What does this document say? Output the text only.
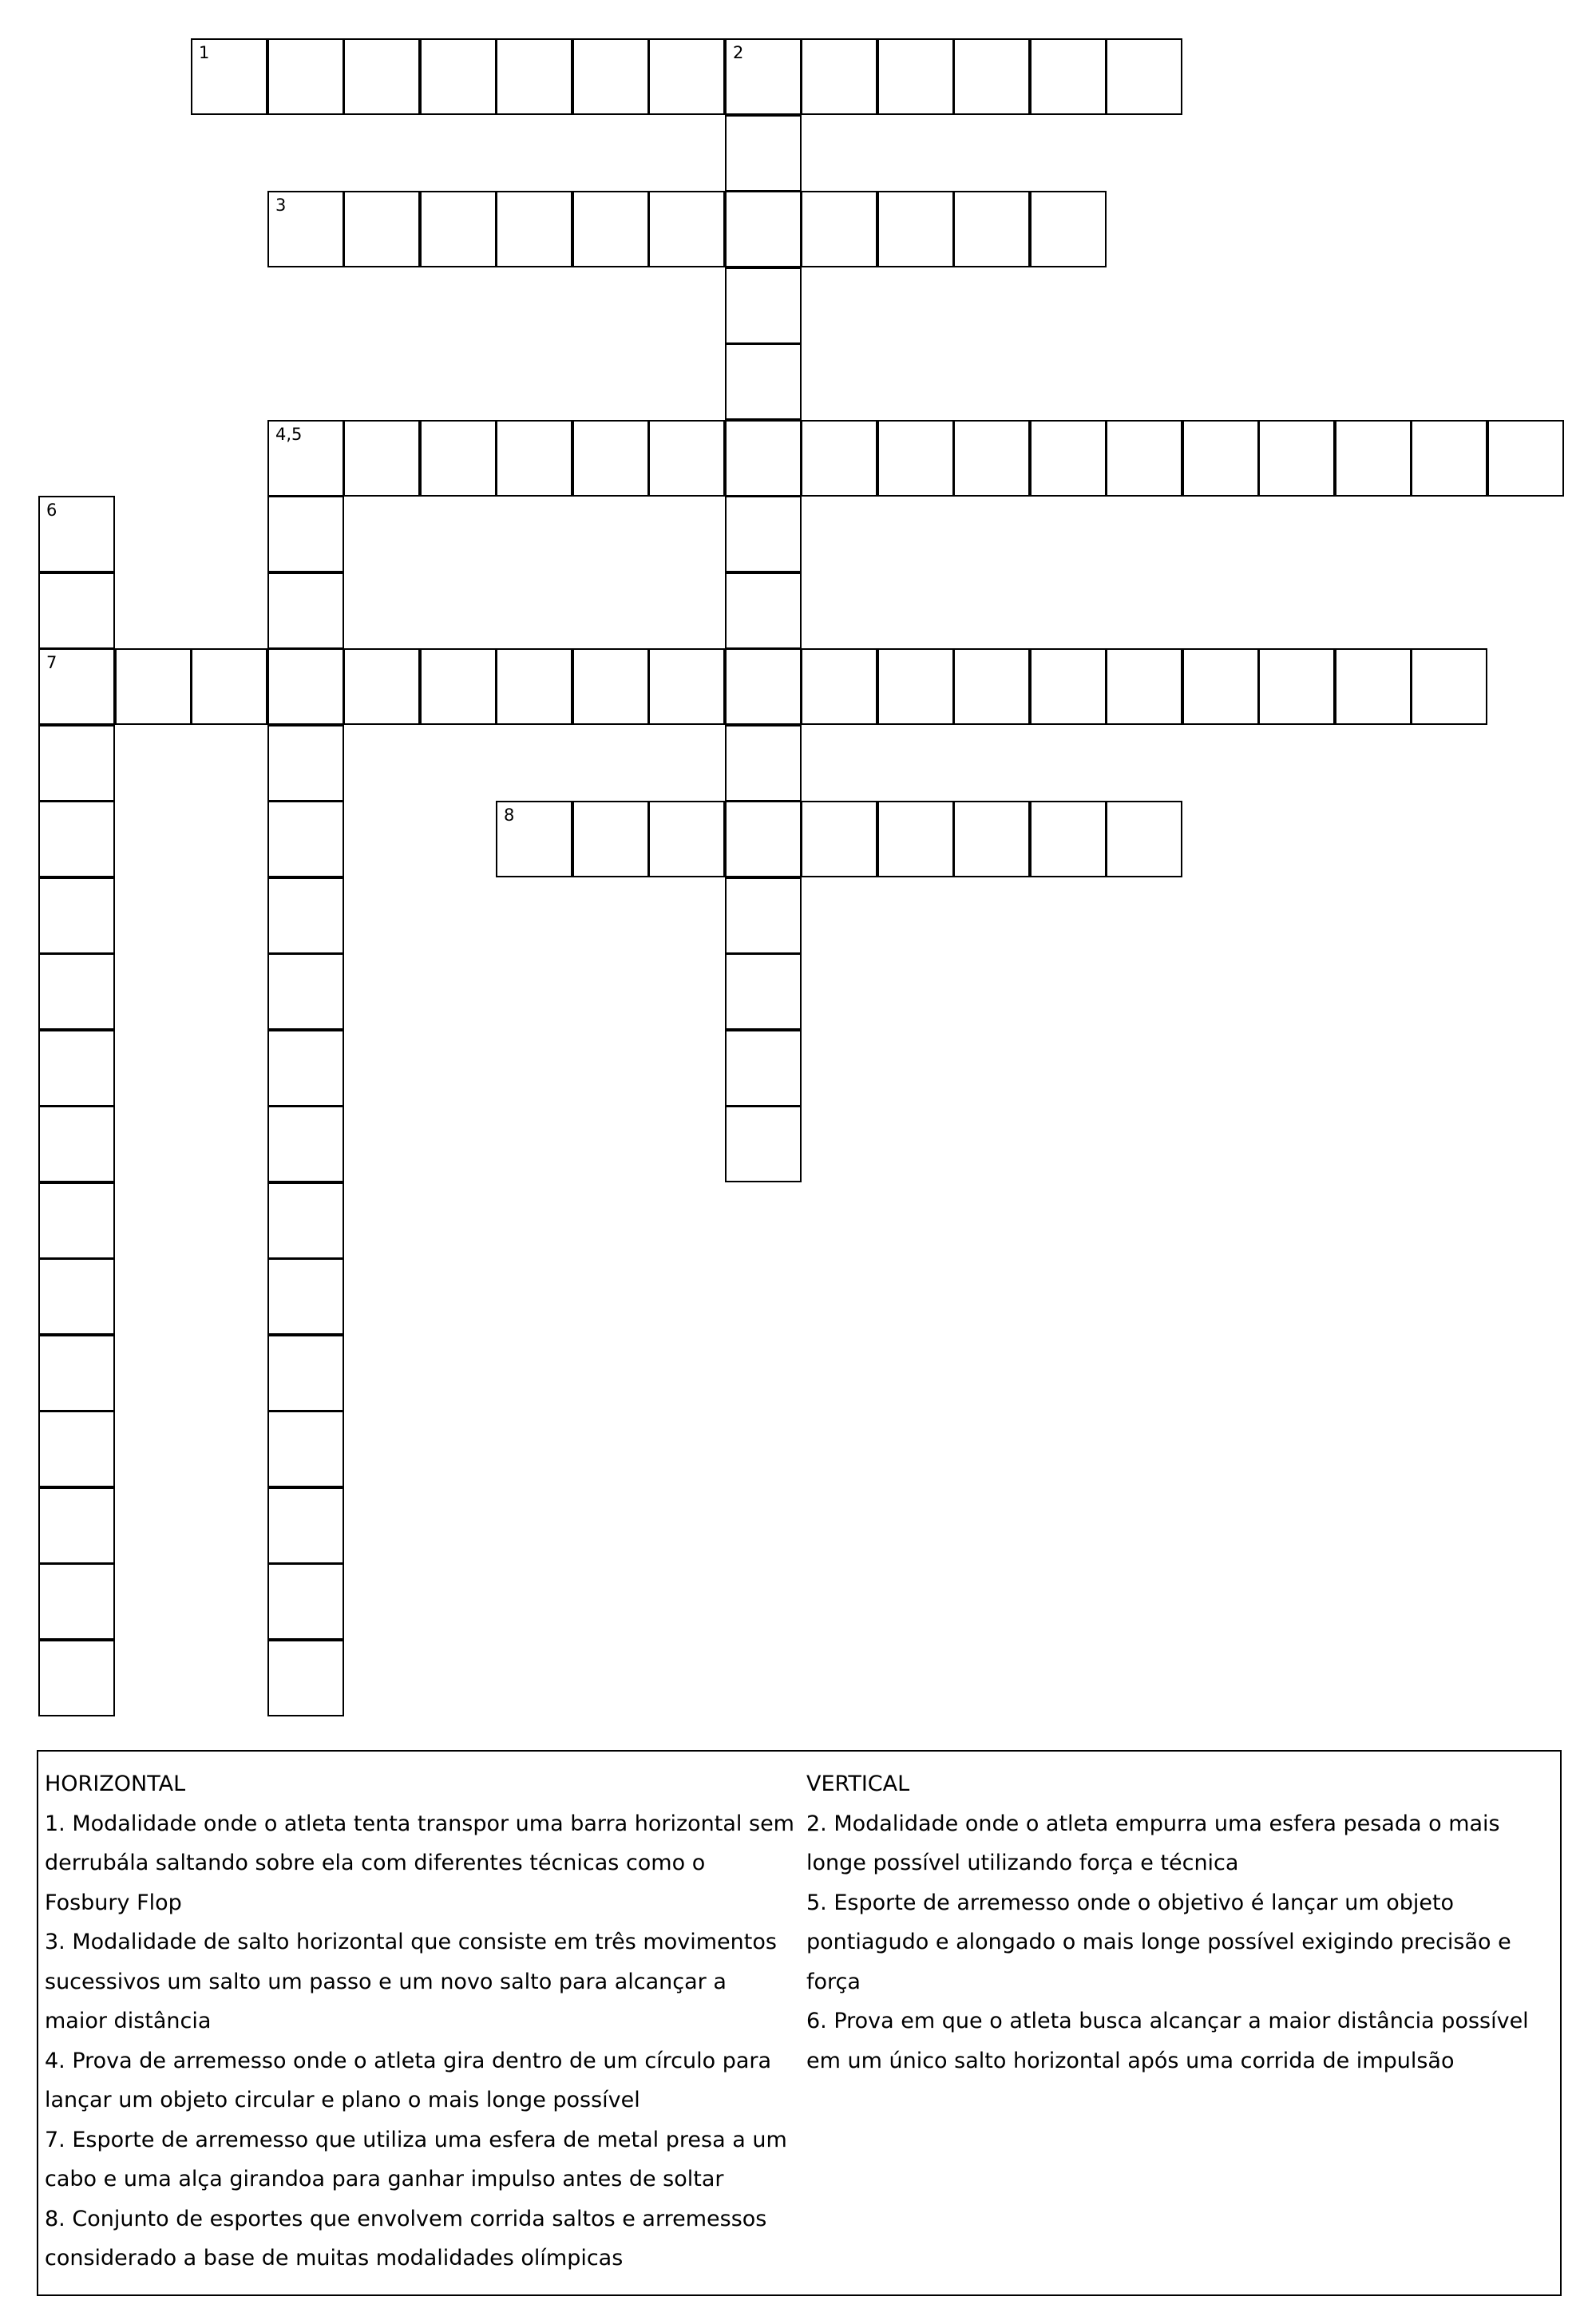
1	2
3
4,5
7
8
6
HORIZONTAL
1. Modalidade onde o atleta tenta transpor uma barra horizontal sem derrubála saltando sobre ela com diferentes técnicas como o Fosbury Flop
3. Modalidade de salto horizontal que consiste em três movimentos sucessivos um salto um passo e um novo salto para alcançar a maior distância
4. Prova de arremesso onde o atleta gira dentro de um círculo para lançar um objeto circular e plano o mais longe possível
7. Esporte de arremesso que utiliza uma esfera de metal presa a um cabo e uma alça girandoa para ganhar impulso antes de soltar
8. Conjunto de esportes que envolvem corrida saltos e arremessos considerado a base de muitas modalidades olímpicas
VERTICAL
2. Modalidade onde o atleta empurra uma esfera pesada o mais longe possível utilizando força e técnica
5. Esporte de arremesso onde o objetivo é lançar um objeto pontiagudo e alongado o mais longe possível exigindo precisão e força
6. Prova em que o atleta busca alcançar a maior distância possível em um único salto horizontal após uma corrida de impulsão
